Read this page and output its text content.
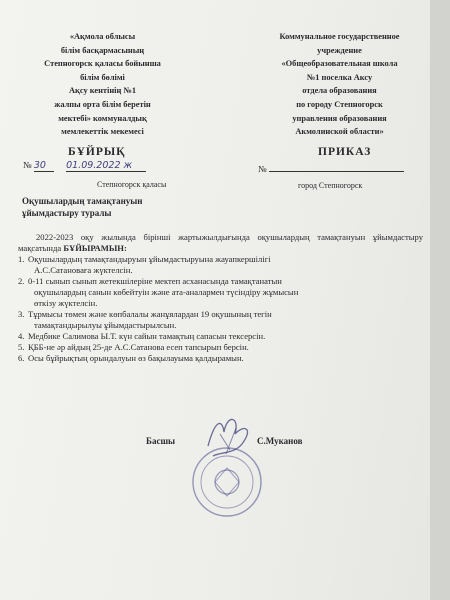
«Ақмола облысы
білім басқармасының
Степногорск қаласы бойынша
білім бөлімі
Ақсу кентінің №1
жалпы орта білім беретін
мектебі» коммуналдық
мемлекеттік мекемесі
Коммунальное государственное
учреждение
«Общеобразовательная школа
№1 поселка Аксу
отдела образования
по городу Степногорск
управления образования
Акмолинской области»
БҰЙРЫҚ	ПРИКАЗ
№ 30 01.09.2022 ж	№
Степногорск қаласы	город Степногорск
Оқушылардың тамақтануын
ұйымдастыру туралы
2022-2023 оқу жылында бірінші жартыжылдығында оқушылардың тамақтануын ұйымдастыру мақсатында БҰЙЫРАМЫН:
1. Оқушылардың тамақтандыруын ұйымдастыруына жауапкершілігі
А.С.Сатановаға жүктелсін.
2. 0-11 сынып сынып жетекшілеріне мектеп асханасында тамақтанатын
оқушылардың санын көбейтуін және ата-аналармен түсіндіру жұмысын
өткізу жүктелсін.
3. Тұрмысы төмен және көпбалалы жанұялардан 19 оқушының тегін
тамақтандырылуы ұйымдастырылсын.
4. Медбике Салимова Ы.Т. күн сайын тамақтың сапасын тексерсін.
5. ҚББ-не әр айдың 25-де А.С.Сатанова есеп тапсырып берсін.
6. Осы бұйрықтың орындалуын өз бақылауыма қалдырамын.
Басшы	С.Муканов
